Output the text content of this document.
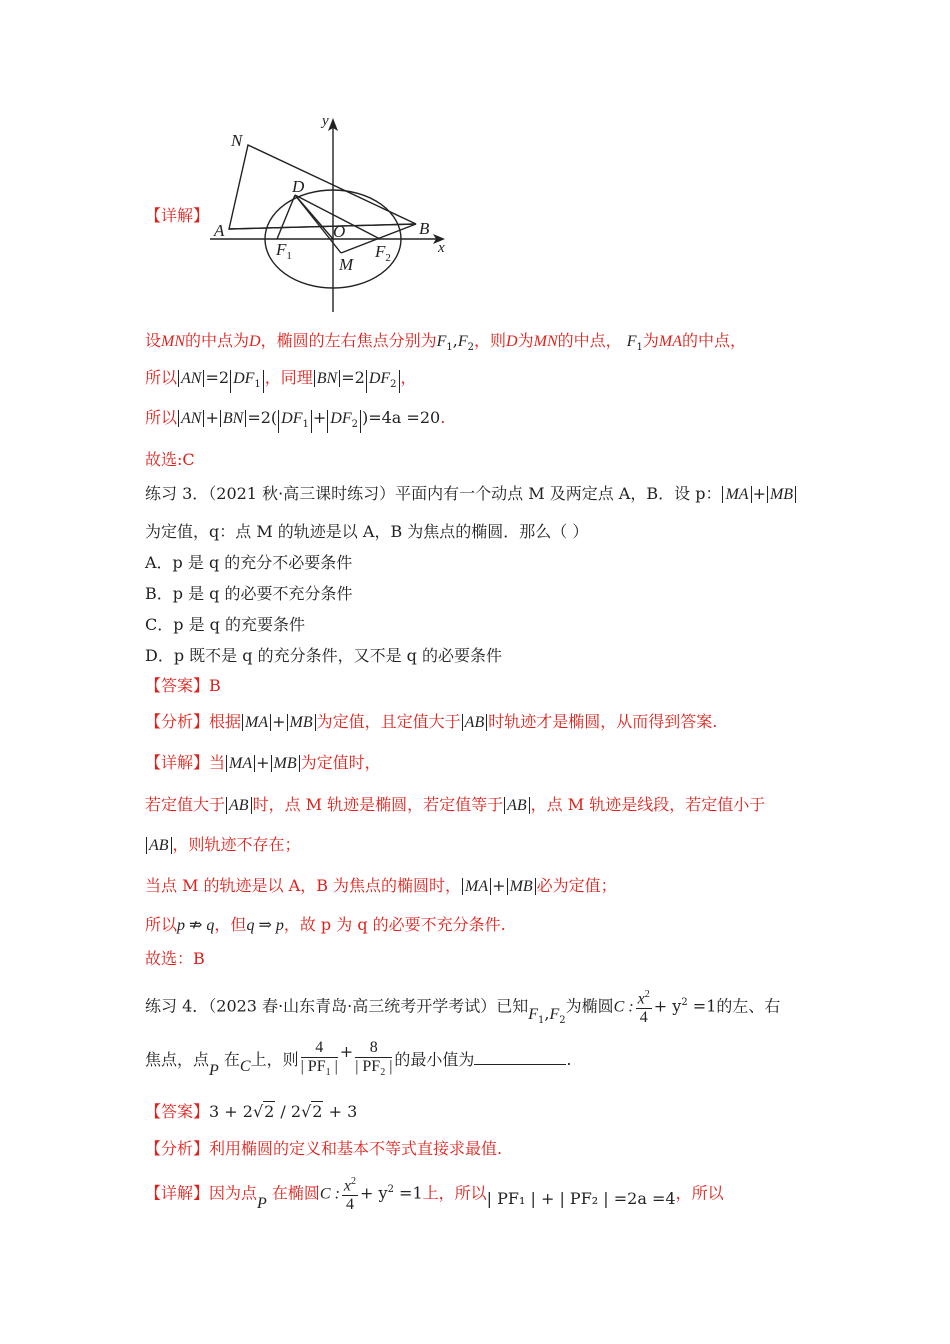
N
D
A	O	B
$F_1$	M
$F_2$
x
y
【详解】
设MN的中点为D，椭圆的左右焦点分别为$F_1,F_2$，则D为MN的中点， $F_1$为MA的中点，
所以 AN =2 $DF_1$ ，同理 BN =2 $DF_2$ ，
所以 AN + BN =2( $DF_1 + DF_2$ )=4a =20.
故选:C
练习 3．（2021 秋·高三课时练习）平面内有一个动点 M 及两定点 A，B．设 p： MA + MB
为定值，q：点 M 的轨迹是以 A，B 为焦点的椭圆．那么（ ）
A．p 是 q 的充分不必要条件
B．p 是 q 的必要不充分条件
C．p 是 q 的充要条件
D．p 既不是 q 的充分条件，又不是 q 的必要条件
【答案】B
【分析】根据 MA + MB 为定值，且定值大于 AB 时轨迹才是椭圆，从而得到答案.
【详解】当 MA + MB 为定值时，
若定值大于 AB 时，点 M 轨迹是椭圆，若定值等于 AB ，点 M 轨迹是线段，若定值小于
AB ，则轨迹不存在；
当点 M 的轨迹是以 A，B 为焦点的椭圆时， MA + MB 必为定值；
所以p ⇏ q，但q ⇒ p，故 p 为 q 的必要不充分条件.
故选：B
练习 4．（2023 春·山东青岛·高三统考开学考试）已知$F_1,F_2$为椭圆C : $\frac{x^2}{4} + y^2 =1$的左、右
焦点，点P 在C上，则 $\frac{4}{| PF_1 |} + \frac{8}{| PF_2 |}$ 的最小值为	.
【答案】3 + 2√2 / 2√2 + 3
【分析】利用椭圆的定义和基本不等式直接求最值.
【详解】因为点P 在椭圆C : $\frac{x^2}{4} + y^2 =1$上，所以| PF₁ | + | PF₂ | =2a =4，所以
